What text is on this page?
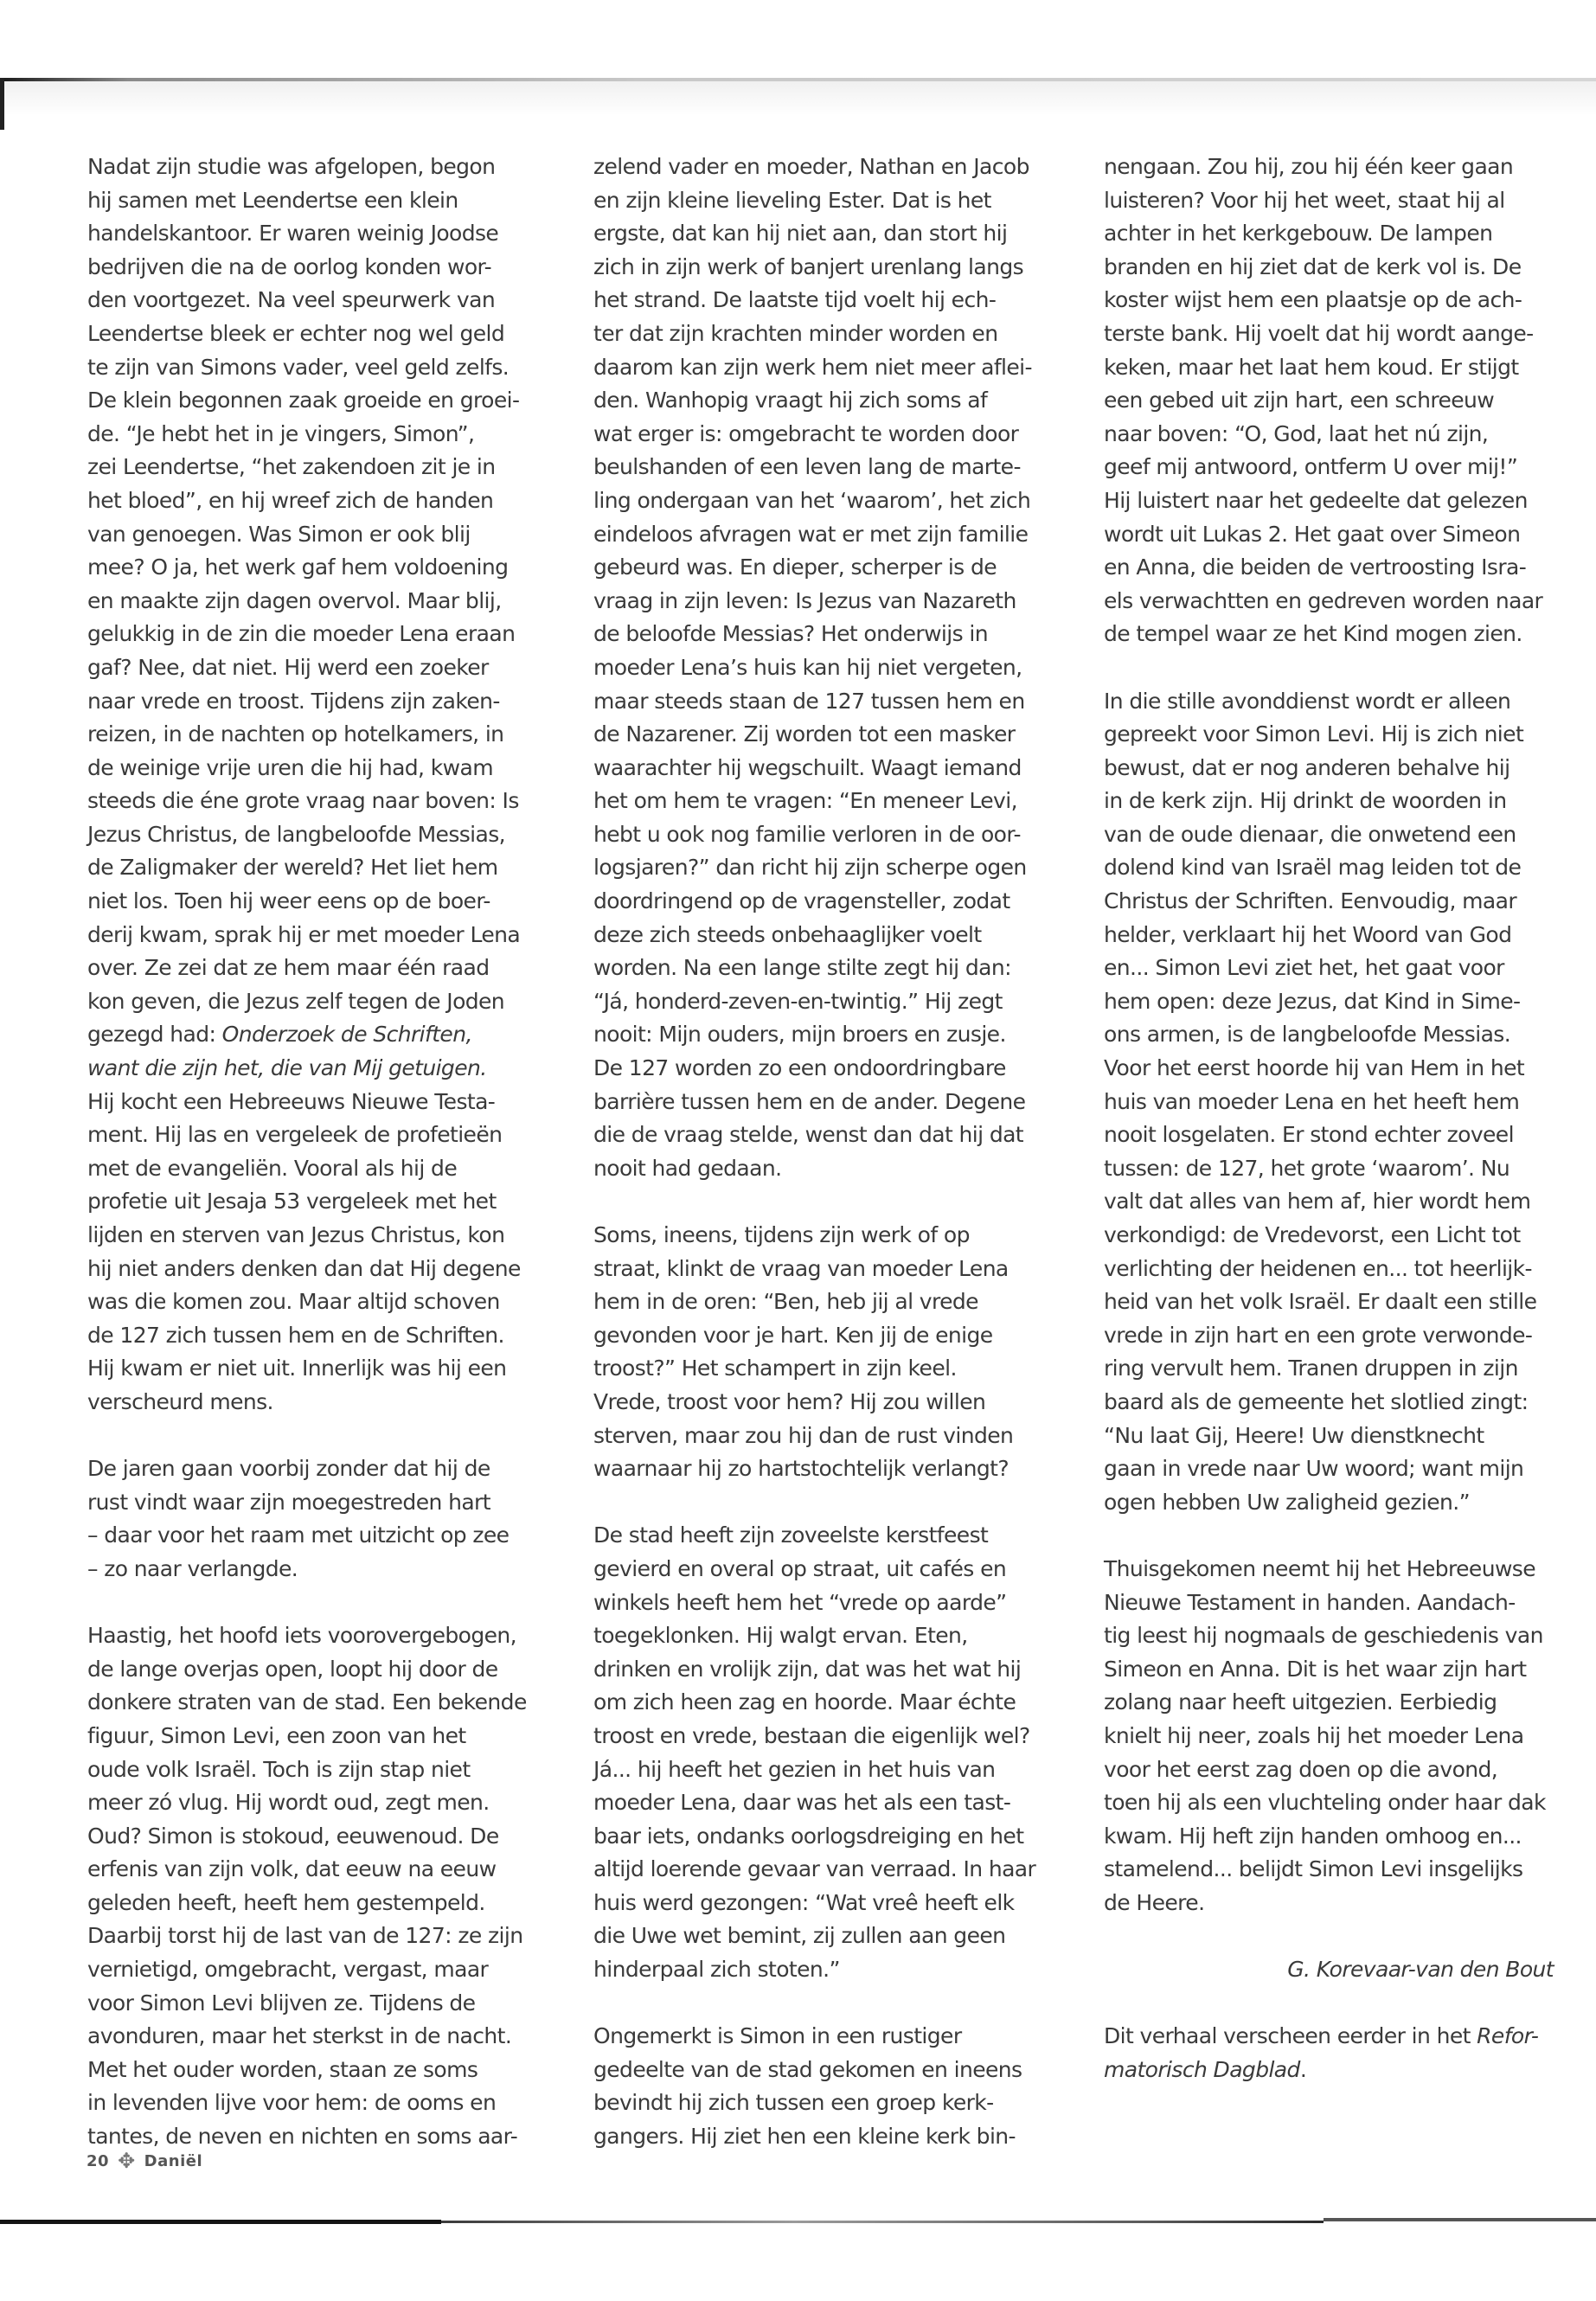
Nadat zijn studie was afgelopen, begon
hij samen met Leendertse een klein
handelskantoor. Er waren weinig Joodse
bedrijven die na de oorlog konden wor-
den voortgezet. Na veel speurwerk van
Leendertse bleek er echter nog wel geld
te zijn van Simons vader, veel geld zelfs.
De klein begonnen zaak groeide en groei-
de. “Je hebt het in je vingers, Simon”,
zei Leendertse, “het zakendoen zit je in
het bloed”, en hij wreef zich de handen
van genoegen. Was Simon er ook blij
mee? O ja, het werk gaf hem voldoening
en maakte zijn dagen overvol. Maar blij,
gelukkig in de zin die moeder Lena eraan
gaf? Nee, dat niet. Hij werd een zoeker
naar vrede en troost. Tijdens zijn zaken-
reizen, in de nachten op hotelkamers, in
de weinige vrije uren die hij had, kwam
steeds die éne grote vraag naar boven: Is
Jezus Christus, de langbeloofde Messias,
de Zaligmaker der wereld? Het liet hem
niet los. Toen hij weer eens op de boer-
derij kwam, sprak hij er met moeder Lena
over. Ze zei dat ze hem maar één raad
kon geven, die Jezus zelf tegen de Joden
gezegd had: Onderzoek de Schriften,
want die zijn het, die van Mij getuigen.
Hij kocht een Hebreeuws Nieuwe Testa-
ment. Hij las en vergeleek de profetieën
met de evangeliën. Vooral als hij de
profetie uit Jesaja 53 vergeleek met het
lijden en sterven van Jezus Christus, kon
hij niet anders denken dan dat Hij degene
was die komen zou. Maar altijd schoven
de 127 zich tussen hem en de Schriften.
Hij kwam er niet uit. Innerlijk was hij een
verscheurd mens.
De jaren gaan voorbij zonder dat hij de
rust vindt waar zijn moegestreden hart
– daar voor het raam met uitzicht op zee
– zo naar verlangde.
Haastig, het hoofd iets voorovergebogen,
de lange overjas open, loopt hij door de
donkere straten van de stad. Een bekende
figuur, Simon Levi, een zoon van het
oude volk Israël. Toch is zijn stap niet
meer zó vlug. Hij wordt oud, zegt men.
Oud? Simon is stokoud, eeuwenoud. De
erfenis van zijn volk, dat eeuw na eeuw
geleden heeft, heeft hem gestempeld.
Daarbij torst hij de last van de 127: ze zijn
vernietigd, omgebracht, vergast, maar
voor Simon Levi blijven ze. Tijdens de
avonduren, maar het sterkst in de nacht.
Met het ouder worden, staan ze soms
in levenden lijve voor hem: de ooms en
tantes, de neven en nichten en soms aar-
zelend vader en moeder, Nathan en Jacob
en zijn kleine lieveling Ester. Dat is het
ergste, dat kan hij niet aan, dan stort hij
zich in zijn werk of banjert urenlang langs
het strand. De laatste tijd voelt hij ech-
ter dat zijn krachten minder worden en
daarom kan zijn werk hem niet meer aflei-
den. Wanhopig vraagt hij zich soms af
wat erger is: omgebracht te worden door
beulshanden of een leven lang de marte-
ling ondergaan van het ‘waarom’, het zich
eindeloos afvragen wat er met zijn familie
gebeurd was. En dieper, scherper is de
vraag in zijn leven: Is Jezus van Nazareth
de beloofde Messias? Het onderwijs in
moeder Lena’s huis kan hij niet vergeten,
maar steeds staan de 127 tussen hem en
de Nazarener. Zij worden tot een masker
waarachter hij wegschuilt. Waagt iemand
het om hem te vragen: “En meneer Levi,
hebt u ook nog familie verloren in de oor-
logsjaren?” dan richt hij zijn scherpe ogen
doordringend op de vragensteller, zodat
deze zich steeds onbehaaglijker voelt
worden. Na een lange stilte zegt hij dan:
“Já, honderd-zeven-en-twintig.” Hij zegt
nooit: Mijn ouders, mijn broers en zusje.
De 127 worden zo een ondoordringbare
barrière tussen hem en de ander. Degene
die de vraag stelde, wenst dan dat hij dat
nooit had gedaan.
Soms, ineens, tijdens zijn werk of op
straat, klinkt de vraag van moeder Lena
hem in de oren: “Ben, heb jij al vrede
gevonden voor je hart. Ken jij de enige
troost?” Het schampert in zijn keel.
Vrede, troost voor hem? Hij zou willen
sterven, maar zou hij dan de rust vinden
waarnaar hij zo hartstochtelijk verlangt?
De stad heeft zijn zoveelste kerstfeest
gevierd en overal op straat, uit cafés en
winkels heeft hem het “vrede op aarde”
toegeklonken. Hij walgt ervan. Eten,
drinken en vrolijk zijn, dat was het wat hij
om zich heen zag en hoorde. Maar échte
troost en vrede, bestaan die eigenlijk wel?
Já... hij heeft het gezien in het huis van
moeder Lena, daar was het als een tast-
baar iets, ondanks oorlogsdreiging en het
altijd loerende gevaar van verraad. In haar
huis werd gezongen: “Wat vreê heeft elk
die Uwe wet bemint, zij zullen aan geen
hinderpaal zich stoten.”
Ongemerkt is Simon in een rustiger
gedeelte van de stad gekomen en ineens
bevindt hij zich tussen een groep kerk-
gangers. Hij ziet hen een kleine kerk bin-
nengaan. Zou hij, zou hij één keer gaan
luisteren? Voor hij het weet, staat hij al
achter in het kerkgebouw. De lampen
branden en hij ziet dat de kerk vol is. De
koster wijst hem een plaatsje op de ach-
terste bank. Hij voelt dat hij wordt aange-
keken, maar het laat hem koud. Er stijgt
een gebed uit zijn hart, een schreeuw
naar boven: “O, God, laat het nú zijn,
geef mij antwoord, ontferm U over mij!”
Hij luistert naar het gedeelte dat gelezen
wordt uit Lukas 2. Het gaat over Simeon
en Anna, die beiden de vertroosting Isra-
els verwachtten en gedreven worden naar
de tempel waar ze het Kind mogen zien.
In die stille avonddienst wordt er alleen
gepreekt voor Simon Levi. Hij is zich niet
bewust, dat er nog anderen behalve hij
in de kerk zijn. Hij drinkt de woorden in
van de oude dienaar, die onwetend een
dolend kind van Israël mag leiden tot de
Christus der Schriften. Eenvoudig, maar
helder, verklaart hij het Woord van God
en... Simon Levi ziet het, het gaat voor
hem open: deze Jezus, dat Kind in Sime-
ons armen, is de langbeloofde Messias.
Voor het eerst hoorde hij van Hem in het
huis van moeder Lena en het heeft hem
nooit losgelaten. Er stond echter zoveel
tussen: de 127, het grote ‘waarom’. Nu
valt dat alles van hem af, hier wordt hem
verkondigd: de Vredevorst, een Licht tot
verlichting der heidenen en... tot heerlijk-
heid van het volk Israël. Er daalt een stille
vrede in zijn hart en een grote verwonde-
ring vervult hem. Tranen druppen in zijn
baard als de gemeente het slotlied zingt:
“Nu laat Gij, Heere! Uw dienstknecht
gaan in vrede naar Uw woord; want mijn
ogen hebben Uw zaligheid gezien.”
Thuisgekomen neemt hij het Hebreeuwse
Nieuwe Testament in handen. Aandach-
tig leest hij nogmaals de geschiedenis van
Simeon en Anna. Dit is het waar zijn hart
zolang naar heeft uitgezien. Eerbiedig
knielt hij neer, zoals hij het moeder Lena
voor het eerst zag doen op die avond,
toen hij als een vluchteling onder haar dak
kwam. Hij heft zijn handen omhoog en...
stamelend... belijdt Simon Levi insgelijks
de Heere.
G. Korevaar-van den Bout
Dit verhaal verscheen eerder in het Refor-
matorisch Dagblad.
20 ✥ Daniël
